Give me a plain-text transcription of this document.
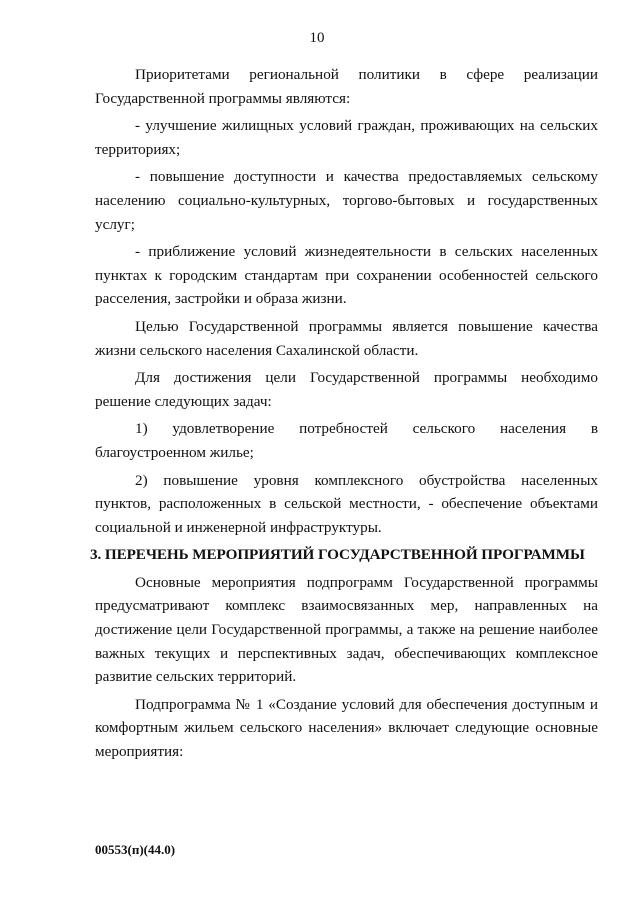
10

Приоритетами региональной политики в сфере реализации Государственной программы являются:

- улучшение жилищных условий граждан, проживающих на сельских территориях;

- повышение доступности и качества предоставляемых сельскому населению социально-культурных, торгово-бытовых и государственных услуг;

- приближение условий жизнедеятельности в сельских населенных пунктах к городским стандартам при сохранении особенностей сельского расселения, застройки и образа жизни.

Целью Государственной программы является повышение качества жизни сельского населения Сахалинской области.

Для достижения цели Государственной программы необходимо решение следующих задач:

1) удовлетворение потребностей сельского населения в благоустроенном жилье;

2) повышение уровня комплексного обустройства населенных пунктов, расположенных в сельской местности, - обеспечение объектами социальной и инженерной инфраструктуры.

3. ПЕРЕЧЕНЬ МЕРОПРИЯТИЙ ГОСУДАРСТВЕННОЙ ПРОГРАММЫ

Основные мероприятия подпрограмм Государственной программы предусматривают комплекс взаимосвязанных мер, направленных на достижение цели Государственной программы, а также на решение наиболее важных текущих и перспективных задач, обеспечивающих комплексное развитие сельских территорий.

Подпрограмма № 1 «Создание условий для обеспечения доступным и комфортным жильем сельского населения» включает следующие основные мероприятия:

00553(п)(44.0)
